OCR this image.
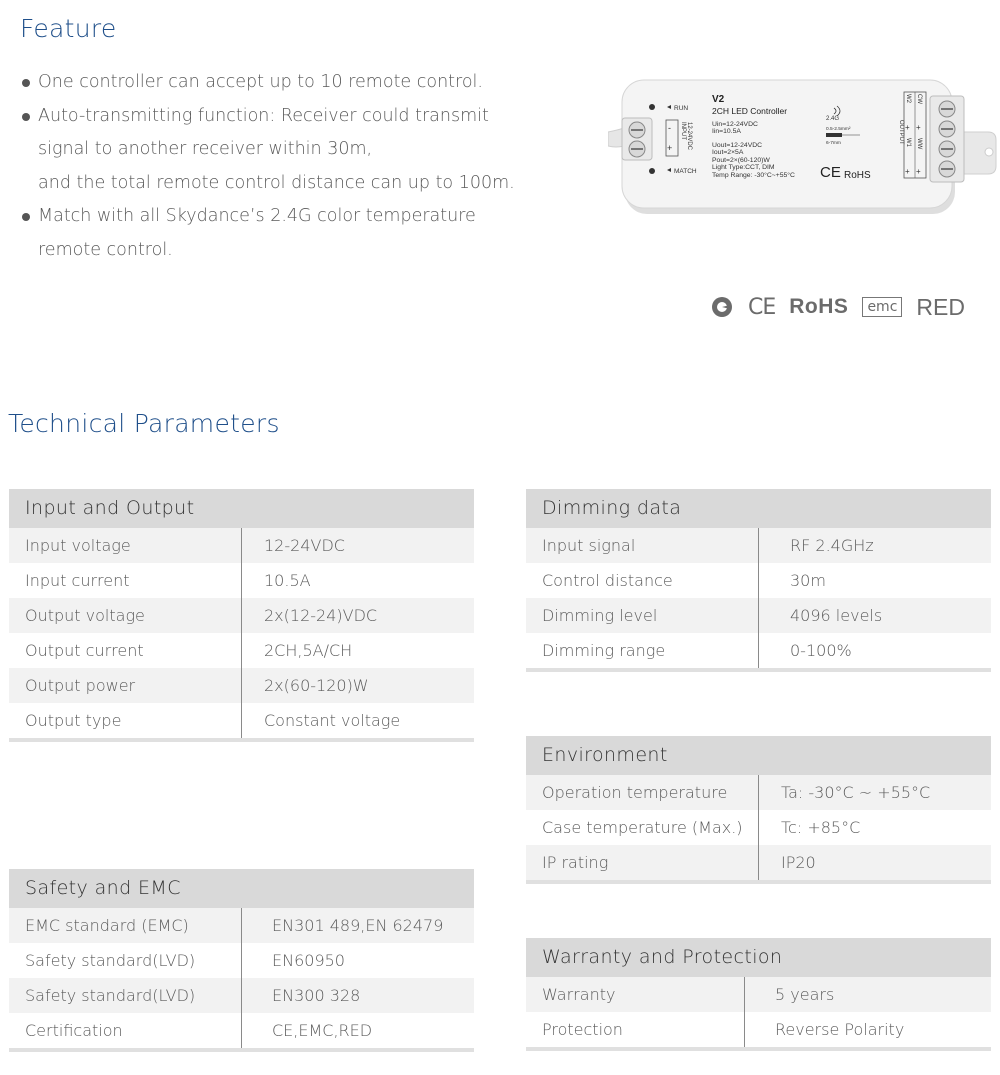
Feature
One controller can accept up to 10 remote control.
Auto-transmitting function: Receiver could transmit
signal to another receiver within 30m,
and the total remote control distance can up to 100m.
Match with all Skydance’s 2.4G color temperature
remote control.
RUN
MATCH
-
+
INPUT 12-24VDC
V2
2CH LED Controller
Uin=12-24VDC
Iin=10.5A
Uout=12-24VDC
Iout=2×5A
Pout=2×(60-120)W
Light Type:CCT, DIM
Temp Range: -30°C~+55°C
2.4G
0.5-2.5mm²
6-7mm
CE RoHS
OUTPUT
W2 CW
+ +
W1 WW
+ +
CE RoHS	emc RED
Technical Parameters
Input and Output
Input voltage	12-24VDC
Input current	10.5A
Output voltage	2x(12-24)VDC
Output current	2CH,5A/CH
Output power	2x(60-120)W
Output type	Constant voltage
Dimming data
Input signal	RF 2.4GHz
Control distance	30m
Dimming level	4096 levels
Dimming range	0-100%
Environment
Operation temperature	Ta: -30°C ~ +55°C
Case temperature (Max.)	Tc: +85°C
IP rating	IP20
Safety and EMC
EMC standard (EMC)	EN301 489,EN 62479
Safety standard(LVD)	EN60950
Safety standard(LVD)	EN300 328
Certification	CE,EMC,RED
Warranty and Protection
Warranty	5 years
Protection	Reverse Polarity
